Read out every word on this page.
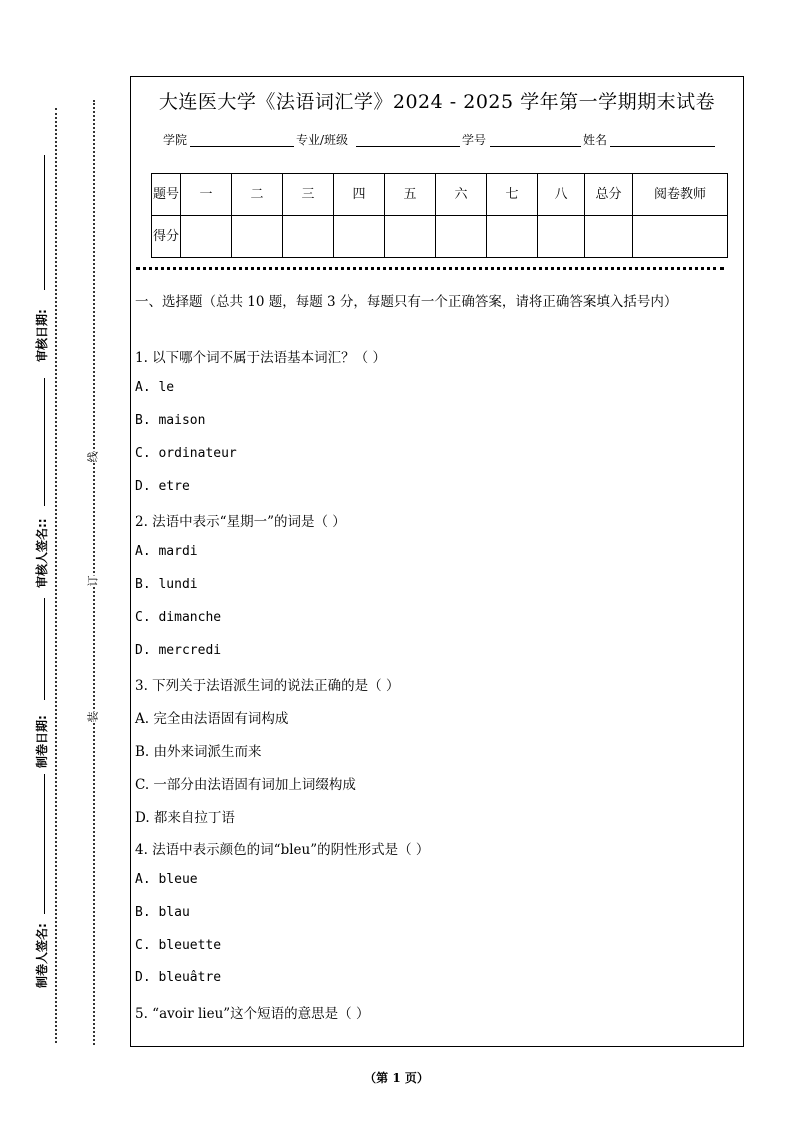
审核日期:
审核人签名::
制卷日期:
制卷人签名:
线
订
装
大连医大学《法语词汇学》2024 - 2025 学年第一学期期末试卷
学院	专业/班级	学号	姓名
题号	一	二	三	四	五	六	七	八	总分	阅卷教师
得分										
一、选择题（总共 10 题，每题 3 分，每题只有一个正确答案，请将正确答案填入括号内）
1. 以下哪个词不属于法语基本词汇？（ ）
A. le
B. maison
C. ordinateur
D. etre
2. 法语中表示“星期一”的词是（ ）
A. mardi
B. lundi
C. dimanche
D. mercredi
3. 下列关于法语派生词的说法正确的是（ ）
A. 完全由法语固有词构成
B. 由外来词派生而来
C. 一部分由法语固有词加上词缀构成
D. 都来自拉丁语
4. 法语中表示颜色的词“bleu”的阴性形式是（ ）
A. bleue
B. blau
C. bleuette
D. bleuâtre
5. “avoir lieu”这个短语的意思是（ ）
（第 1 页）
